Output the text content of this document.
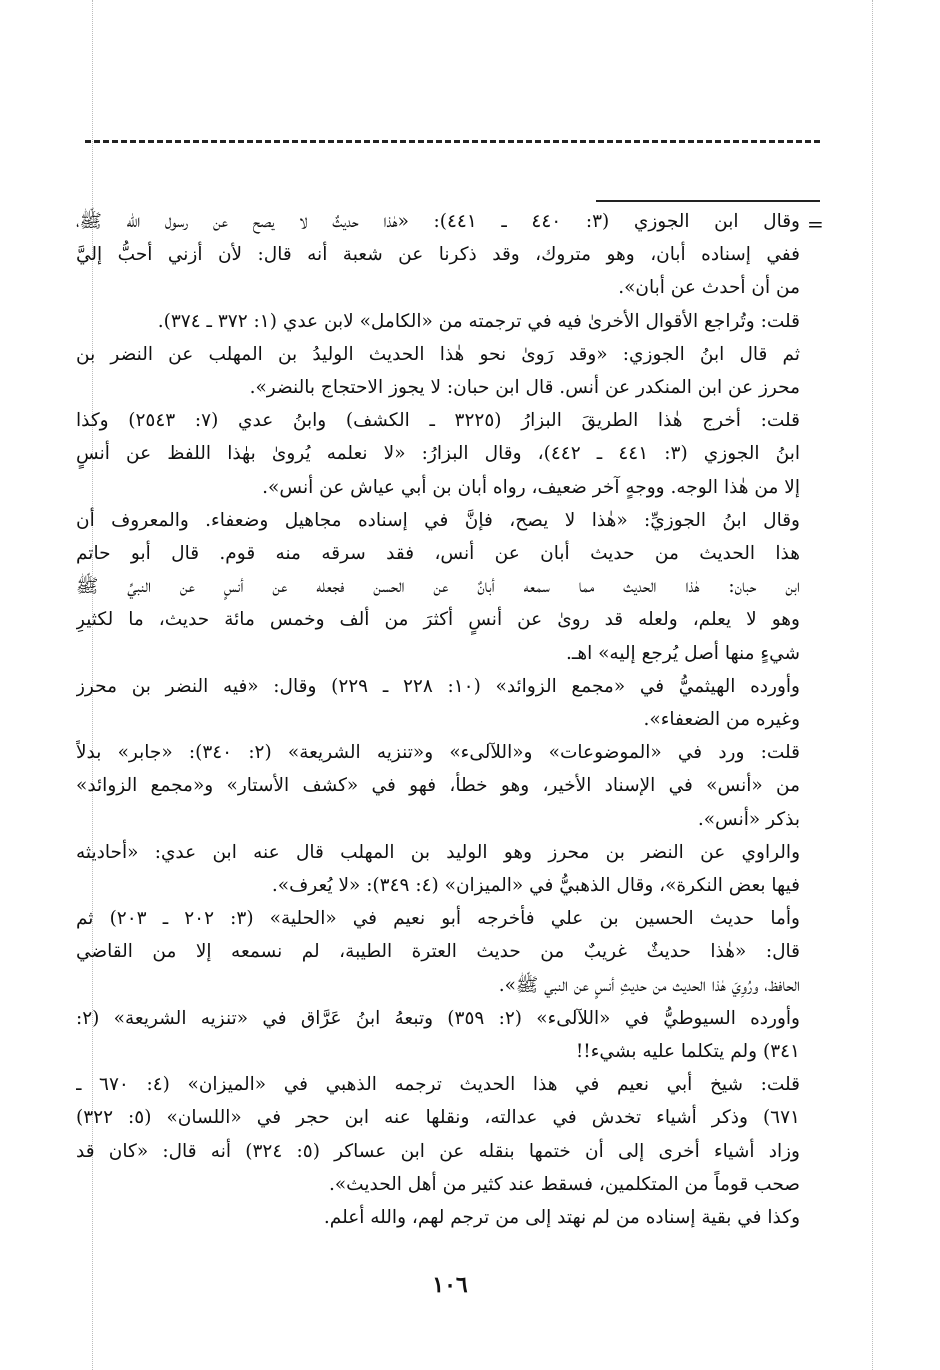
=
وقال ابن الجوزي (٣: ٤٤٠ ـ ٤٤١): «هٰذا حديثٌ لا يصح عن رسول الله ﷺ،
ففي إسناده أبان، وهو متروك، وقد ذكرنا عن شعبة أنه قال: لأن أزني أحبُّ إليَّ
من أن أحدث عن أبان».
قلت: وتُراجع الأقوال الأخرىٰ فيه في ترجمته من «الكامل» لابن عدي (١: ٣٧٢ ـ ٣٧٤).
ثم قال ابنُ الجوزي: «وقد رَوىٰ نحو هٰذا الحديث الوليدُ بن المهلب عن النضر بن
محرز عن ابن المنكدر عن أنس. قال ابن حبان: لا يجوز الاحتجاج بالنضر».
قلت: أخرج هٰذا الطريقَ البزارُ (٣٢٢٥ ـ الكشف) وابنُ عدي (٧: ٢٥٤٣) وكذا
ابنُ الجوزي (٣: ٤٤١ ـ ٤٤٢)، وقال البزارُ: «لا نعلمه يُروىٰ بهٰذا اللفظ عن أنسٍ
إلا من هٰذا الوجه. ووجهٍ آخر ضعيف، رواه أبان بن أبي عياش عن أنس».
وقال ابنُ الجوزيِّ: «هٰذا لا يصح، فإنَّ في إسناده مجاهيل وضعفاء. والمعروف أن
هذا الحديث من حديث أبان عن أنس، فقد سرقه منه قوم. قال أبو حاتم
ابن حبان: هٰذا الحديث مما سمعه أبانٌ عن الحسن فجعله عن أنسٍ عن النبيِّ ﷺ
وهو لا يعلم، ولعله قد روىٰ عن أنسٍ أكثرَ من ألف وخمس مائة حديث، ما لكثيرِ
شيءٍ منها أصل يُرجع إليه» اهـ.
وأورده الهيثميُّ في «مجمع الزوائد» (١٠: ٢٢٨ ـ ٢٢٩) وقال: «فيه النضر بن محرز
وغيره من الضعفاء».
قلت: ورد في «الموضوعات» و«اللآلىء» و«تنزيه الشريعة» (٢: ٣٤٠): «جابر» بدلاً
من «أنس» في الإسناد الأخير، وهو خطأ، فهو في «كشف الأستار» و«مجمع الزوائد»
بذكر «أنس».
والراوي عن النضر بن محرز وهو الوليد بن المهلب قال عنه ابن عدي: «أحاديثه
فيها بعض النكرة»، وقال الذهبيُّ في «الميزان» (٤: ٣٤٩): «لا يُعرف».
وأما حديث الحسين بن علي فأخرجه أبو نعيم في «الحلية» (٣: ٢٠٢ ـ ٢٠٣) ثم
قال: «هٰذا حديثٌ غريبٌ من حديث العترة الطيبة، لم نسمعه إلا من القاضي
الحافظ، ورُوِيَ هٰذا الحديث من حديثِ أنسٍ عن النبي ﷺ».
وأورده السيوطيُّ في «اللآلىء» (٢: ٣٥٩) وتبعهُ ابنُ عَرَّاق في «تنزيه الشريعة» (٢:
٣٤١) ولم يتكلما عليه بشيء!!
قلت: شيخ أبي نعيم في هذا الحديث ترجمه الذهبي في «الميزان» (٤: ٦٧٠ ـ
٦٧١) وذكر أشياء تخدش في عدالته، ونقلها عنه ابن حجر في «اللسان» (٥: ٣٢٢)
وزاد أشياء أخرى إلى أن ختمها بنقله عن ابن عساكر (٥: ٣٢٤) أنه قال: «كان قد
صحب قوماً من المتكلمين، فسقط عند كثير من أهل الحديث».
وكذا في بقية إسناده من لم نهتد إلى من ترجم لهم، والله أعلم.
١٠٦
